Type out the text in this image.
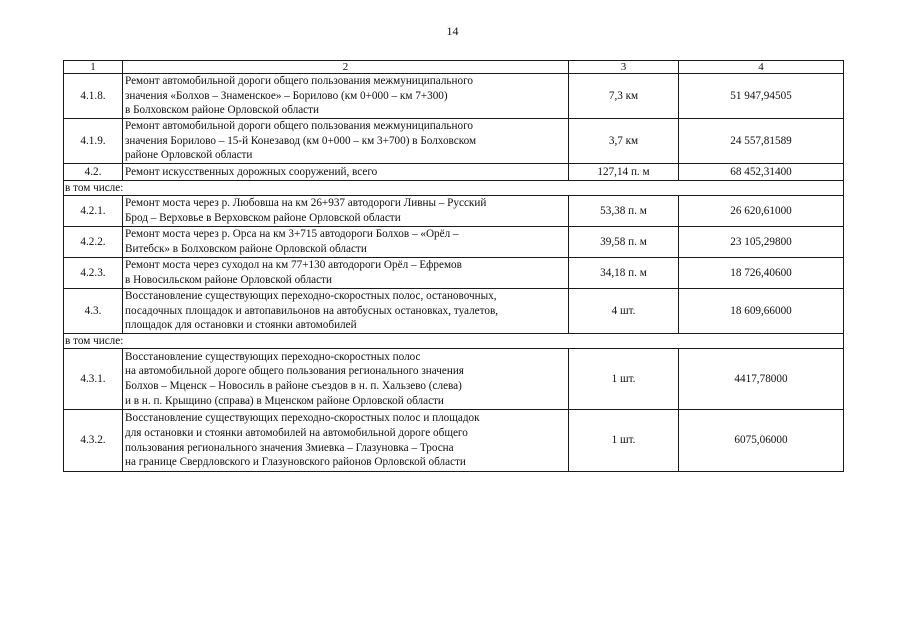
14
1	2	3	4
4.1.8.	Ремонт автомобильной дороги общего пользования межмуниципального
значения «Болхов – Знаменское» – Борилово (км 0+000 – км 7+300)
в Болховском районе Орловской области	7,3 км	51 947,94505
4.1.9.	Ремонт автомобильной дороги общего пользования межмуниципального
значения Борилово – 15-й Конезавод (км 0+000 – км 3+700) в Болховском
районе Орловской области	3,7 км	24 557,81589
4.2.	Ремонт искусственных дорожных сооружений, всего	127,14 п. м	68 452,31400
в том числе:			
4.2.1.	Ремонт моста через р. Любовша на км 26+937 автодороги Ливны – Русский
Брод – Верховье в Верховском районе Орловской области	53,38 п. м	26 620,61000
4.2.2.	Ремонт моста через р. Орса на км 3+715 автодороги Болхов – «Орёл –
Витебск» в Болховском районе Орловской области	39,58 п. м	23 105,29800
4.2.3.	Ремонт моста через суходол на км 77+130 автодороги Орёл – Ефремов
в Новосильском районе Орловской области	34,18 п. м	18 726,40600
4.3.	Восстановление существующих переходно-скоростных полос, остановочных,
посадочных площадок и автопавильонов на автобусных остановках, туалетов,
площадок для остановки и стоянки автомобилей	4 шт.	18 609,66000
в том числе:			
4.3.1.	Восстановление существующих переходно-скоростных полос
на автомобильной дороге общего пользования регионального значения
Болхов – Мценск – Новосиль в районе съездов в н. п. Хальзево (слева)
и в н. п. Крыщино (справа) в Мценском районе Орловской области	1 шт.	4417,78000
4.3.2.	Восстановление существующих переходно-скоростных полос и площадок
для остановки и стоянки автомобилей на автомобильной дороге общего
пользования регионального значения Змиевка – Глазуновка – Тросна
на границе Свердловского и Глазуновского районов Орловской области	1 шт.	6075,06000
